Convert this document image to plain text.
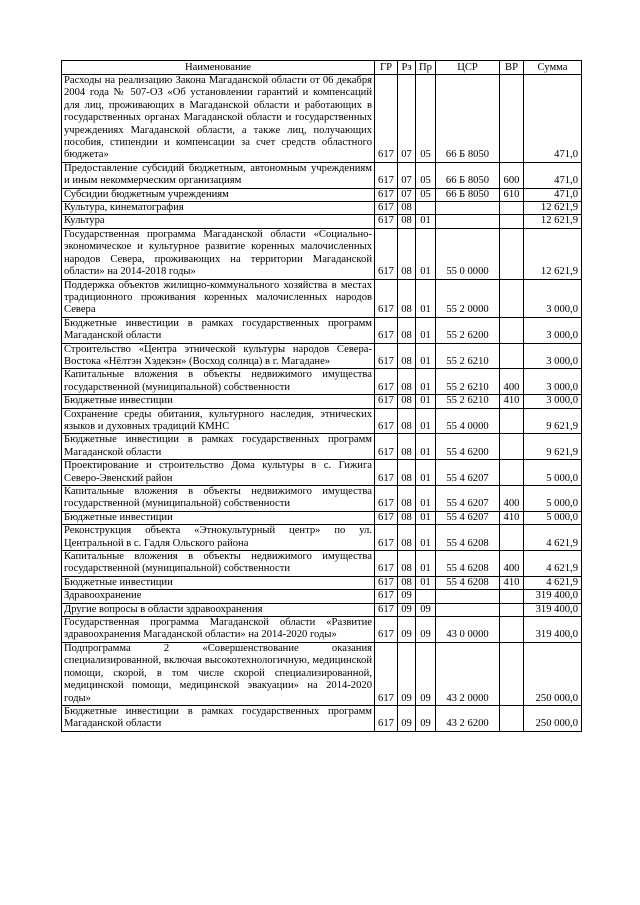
Наименование	ГР	Рз	Пр	ЦСР	ВР	Сумма
Расходы на реализацию Закона Магаданской области от 06 декабря 2004 года № 507-ОЗ «Об установлении гарантий и компенсаций для лиц, проживающих в Магаданской области и работающих в государственных органах Магаданской области и государственных учреждениях Магаданской области, а также лиц, получающих пособия, стипендии и компенсации за счет средств областного бюджета»	617	07	05	66 Б 8050		471,0
Предоставление субсидий бюджетным, автономным учреждениям и иным некоммерческим организациям	617	07	05	66 Б 8050	600	471,0
Субсидии бюджетным учреждениям	617	07	05	66 Б 8050	610	471,0
Культура, кинематография	617	08				12 621,9
Культура	617	08	01			12 621,9
Государственная программа Магаданской области «Социально-экономическое и культурное развитие коренных малочисленных народов Севера, проживающих на территории Магаданской области» на 2014-2018 годы»	617	08	01	55 0 0000		12 621,9
Поддержка объектов жилищно-коммунального хозяйства в местах традиционного проживания коренных малочисленных народов Севера	617	08	01	55 2 0000		3 000,0
Бюджетные инвестиции в рамках государственных программ Магаданской области	617	08	01	55 2 6200		3 000,0
Строительство «Центра этнической культуры народов Севера-Востока «Нёлтэн Хэдекэн» (Восход солнца) в г. Магадане»	617	08	01	55 2 6210		3 000,0
Капитальные вложения в объекты недвижимого имущества государственной (муниципальной) собственности	617	08	01	55 2 6210	400	3 000,0
Бюджетные инвестиции	617	08	01	55 2 6210	410	3 000,0
Сохранение среды обитания, культурного наследия, этнических языков и духовных традиций КМНС	617	08	01	55 4 0000		9 621,9
Бюджетные инвестиции в рамках государственных программ Магаданской области	617	08	01	55 4 6200		9 621,9
Проектирование и строительство Дома культуры в с. Гижига Северо-Эвенский район	617	08	01	55 4 6207		5 000,0
Капитальные вложения в объекты недвижимого имущества государственной (муниципальной) собственности	617	08	01	55 4 6207	400	5 000,0
Бюджетные инвестиции	617	08	01	55 4 6207	410	5 000,0
Реконструкция объекта «Этнокультурный центр» по ул. Центральной в с. Гадля Ольского района	617	08	01	55 4 6208		4 621,9
Капитальные вложения в объекты недвижимого имущества государственной (муниципальной) собственности	617	08	01	55 4 6208	400	4 621,9
Бюджетные инвестиции	617	08	01	55 4 6208	410	4 621,9
Здравоохранение	617	09				319 400,0
Другие вопросы в области здравоохранения	617	09	09			319 400,0
Государственная программа Магаданской области «Развитие здравоохранения Магаданской области» на 2014-2020 годы»	617	09	09	43 0 0000		319 400,0
Подпрограмма 2 «Совершенствование оказания специализированной, включая высокотехнологичную, медицинской помощи, скорой, в том числе скорой специализированной, медицинской помощи, медицинской эвакуации» на 2014-2020 годы»	617	09	09	43 2 0000		250 000,0
Бюджетные инвестиции в рамках государственных программ Магаданской области	617	09	09	43 2 6200		250 000,0
